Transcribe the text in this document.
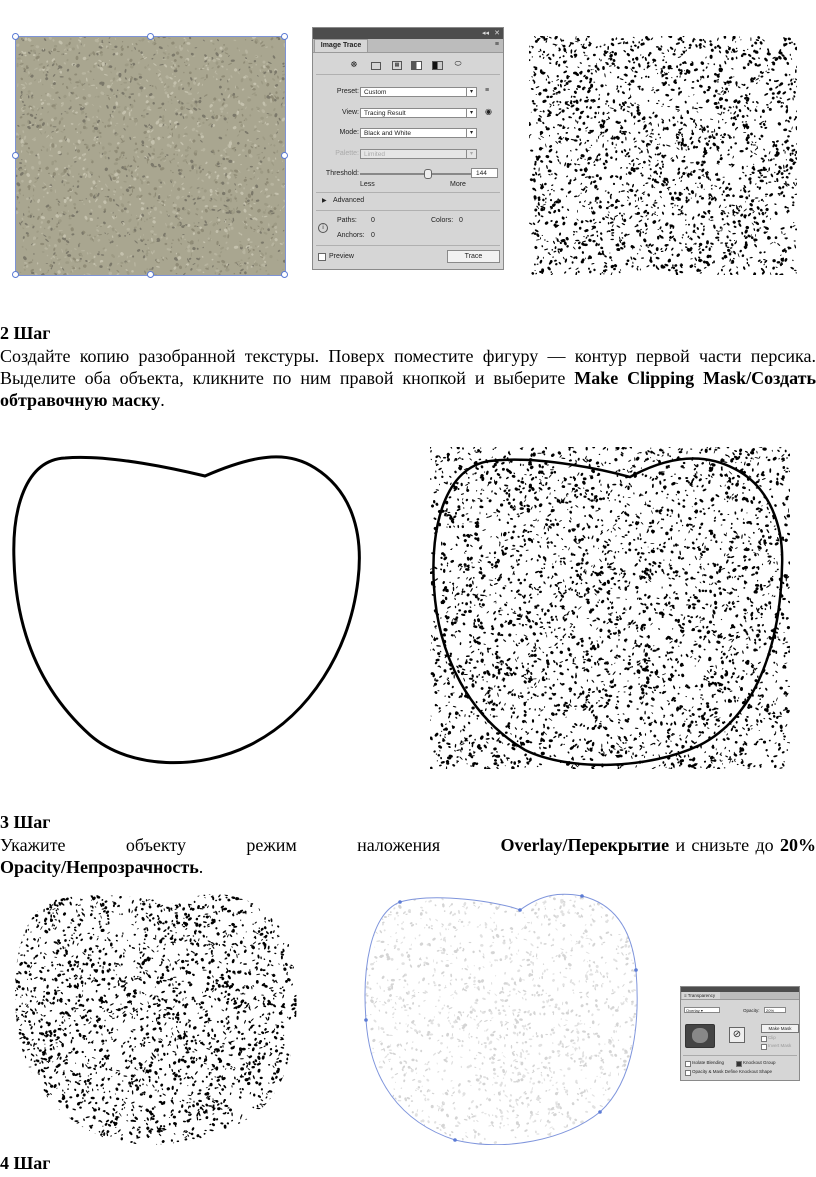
◂◂ ✕
Image Trace	≡
☸	▦	⬭
Preset: Custom	▾	≡
View: Tracing Result	▾	◉
Mode: Black and White	▾
Palette: Limited	▾
Threshold:	144
Less	More
▶ Advanced
Paths: 0	Colors: 0
i
Anchors: 0
Preview	Trace
2 Шаг
Создайте копию разобранной текстуры. Поверх поместите фигуру — контур первой части персика. Выделите оба объекта, кликните по ним правой кнопкой и выберите Make Clipping Mask/Создать обтравочную маску.
3 Шаг
Укажите объекту режим наложения Overlay/Перекрытие и снизьте до 20% Opacity/Непрозрачность.
≡ Transparency
Overlay ▾	Opacity:	20%
⊘
Make Mask
Clip
Invert Mask
Isolate Blending	Knockout Group
Opacity & Mask Define Knockout Shape
4 Шаг
